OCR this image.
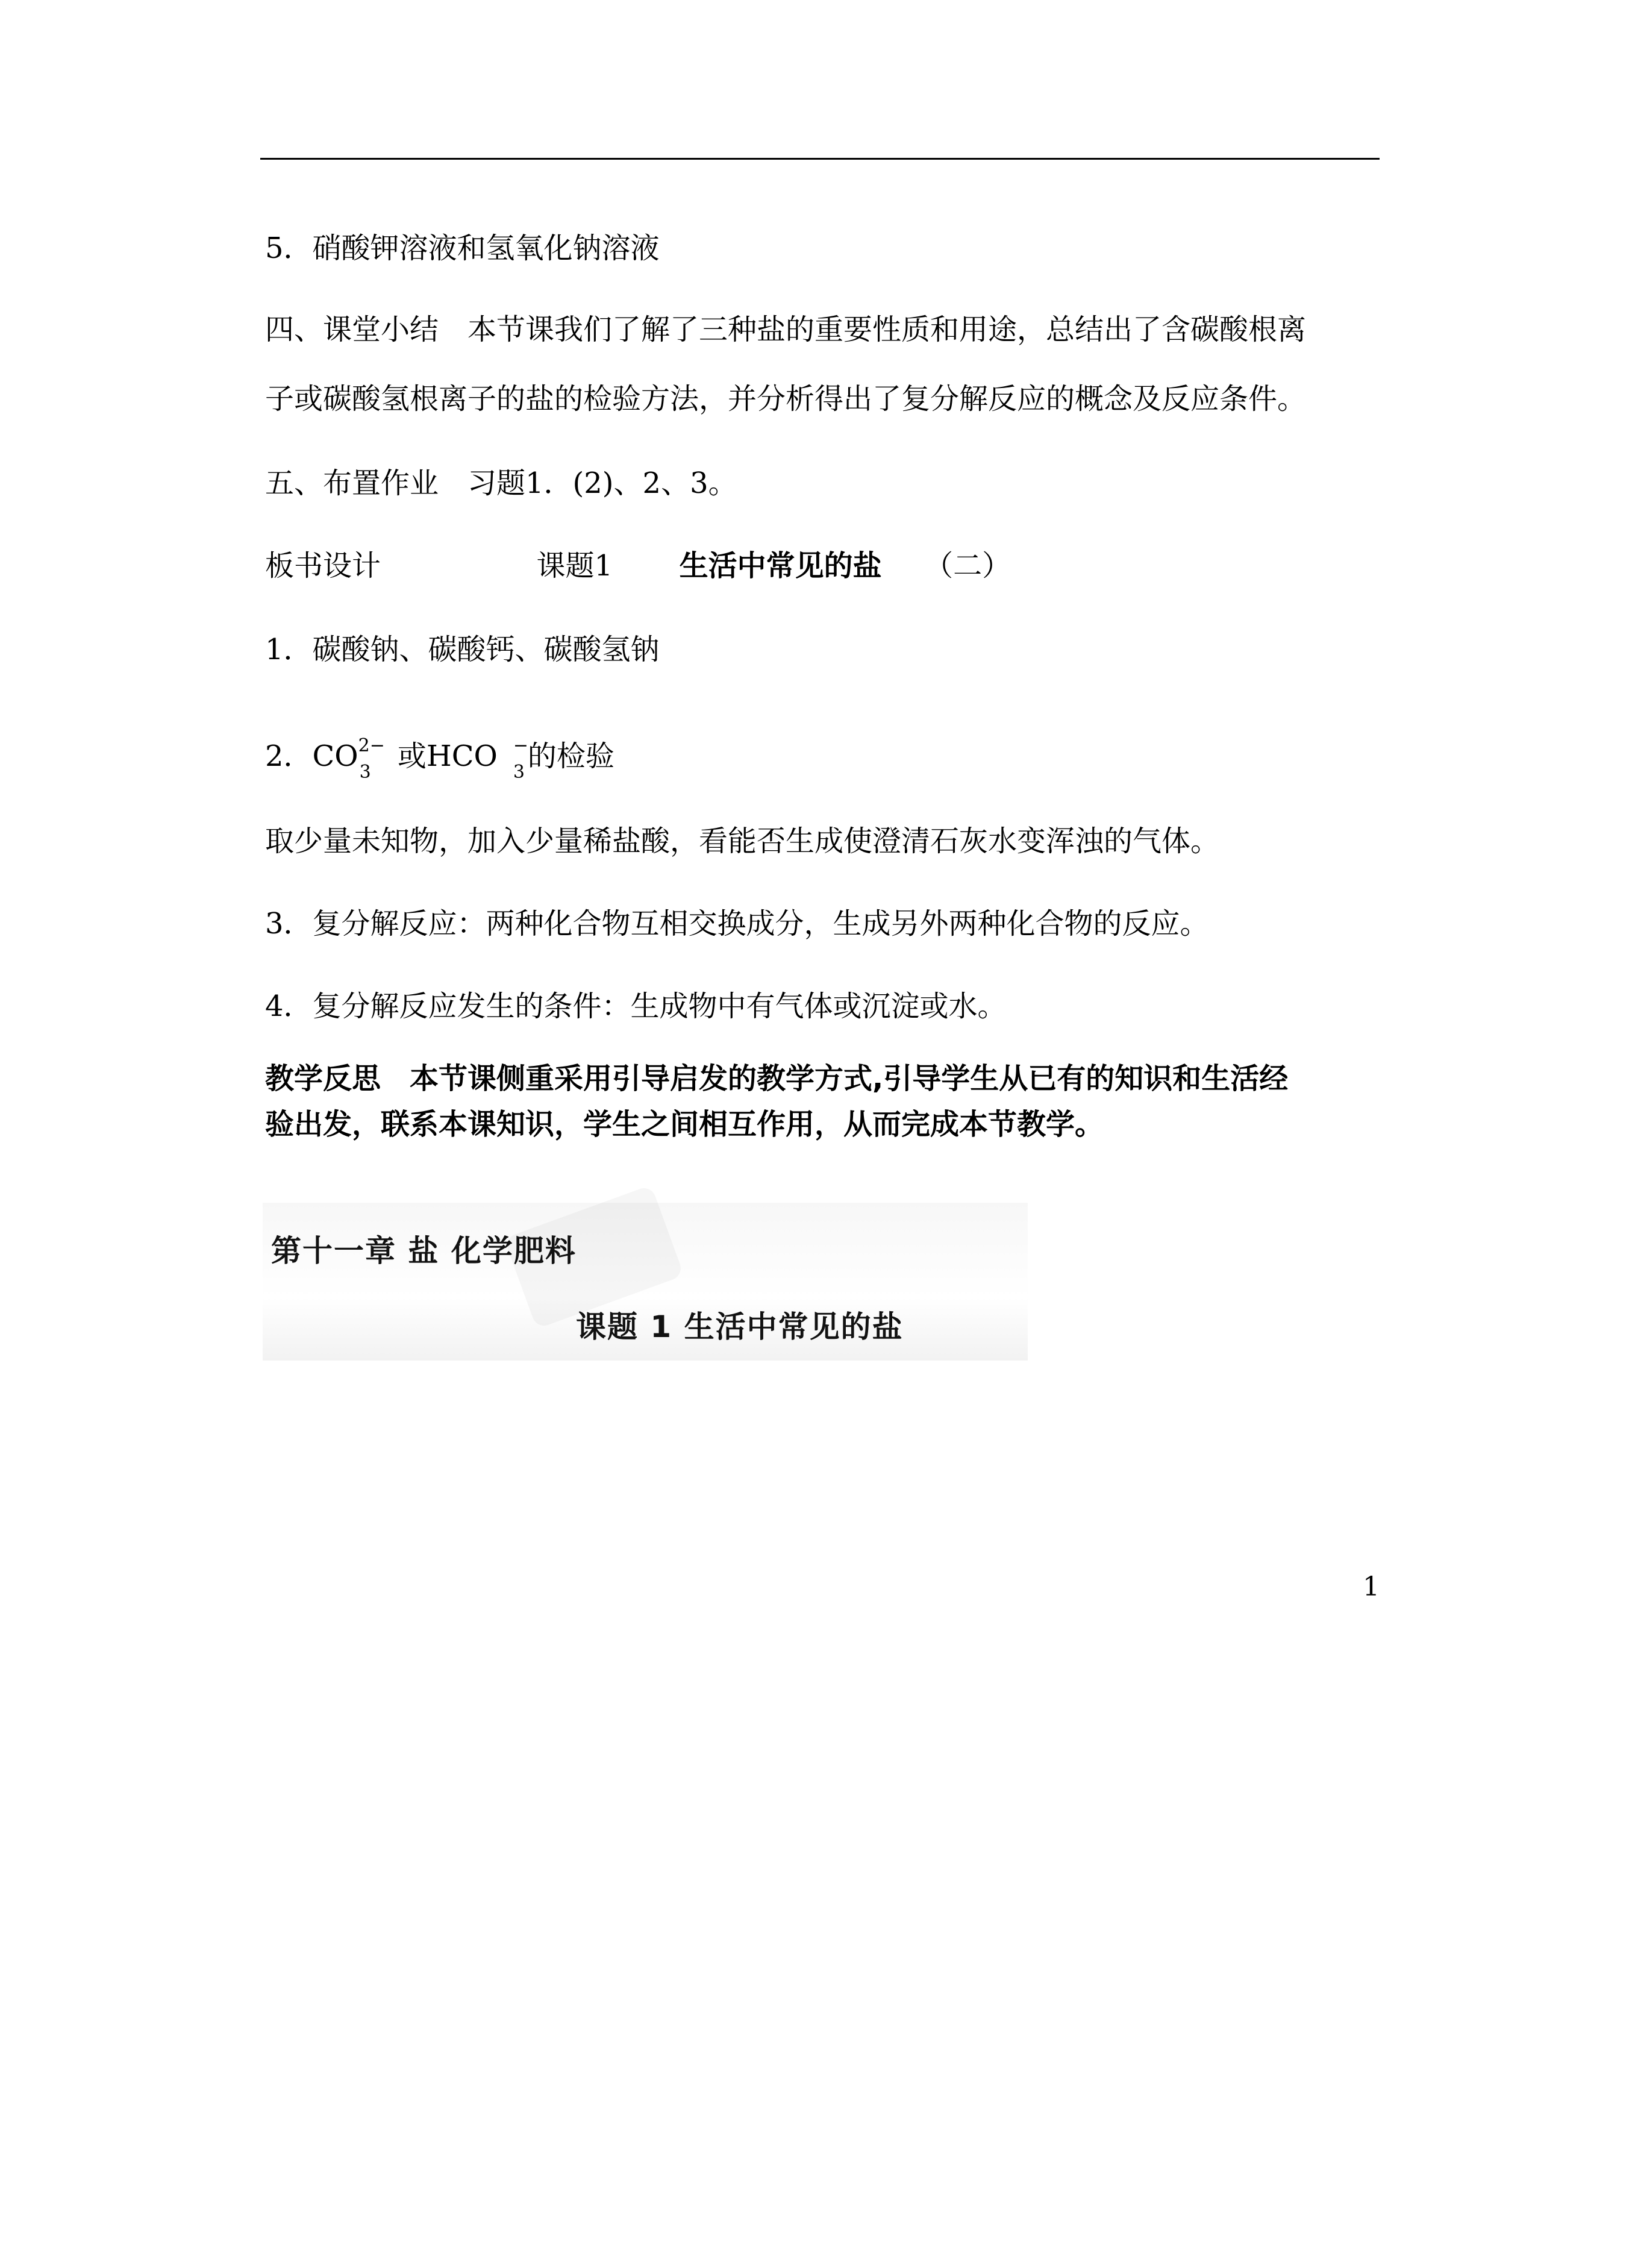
5．硝酸钾溶液和氢氧化钠溶液
四、课堂小结　本节课我们了解了三种盐的重要性质和用途，总结出了含碳酸根离
子或碳酸氢根离子的盐的检验方法，并分析得出了复分解反应的概念及反应条件。
五、布置作业　习题1．(2)、2、3。
板书设计	课题1 生活中常见的盐 （二）
1．碳酸钠、碳酸钙、碳酸氢钠
2．CO 2−
3 或HCO −
3 的检验
取少量未知物，加入少量稀盐酸，看能否生成使澄清石灰水变浑浊的气体。
3．复分解反应：两种化合物互相交换成分，生成另外两种化合物的反应。
4．复分解反应发生的条件：生成物中有气体或沉淀或水。
教学反思　本节课侧重采用引导启发的教学方式,引导学生从已有的知识和生活经
验出发，联系本课知识，学生之间相互作用，从而完成本节教学。
第十一章 盐 化学肥料
课题 1 生活中常见的盐
1
